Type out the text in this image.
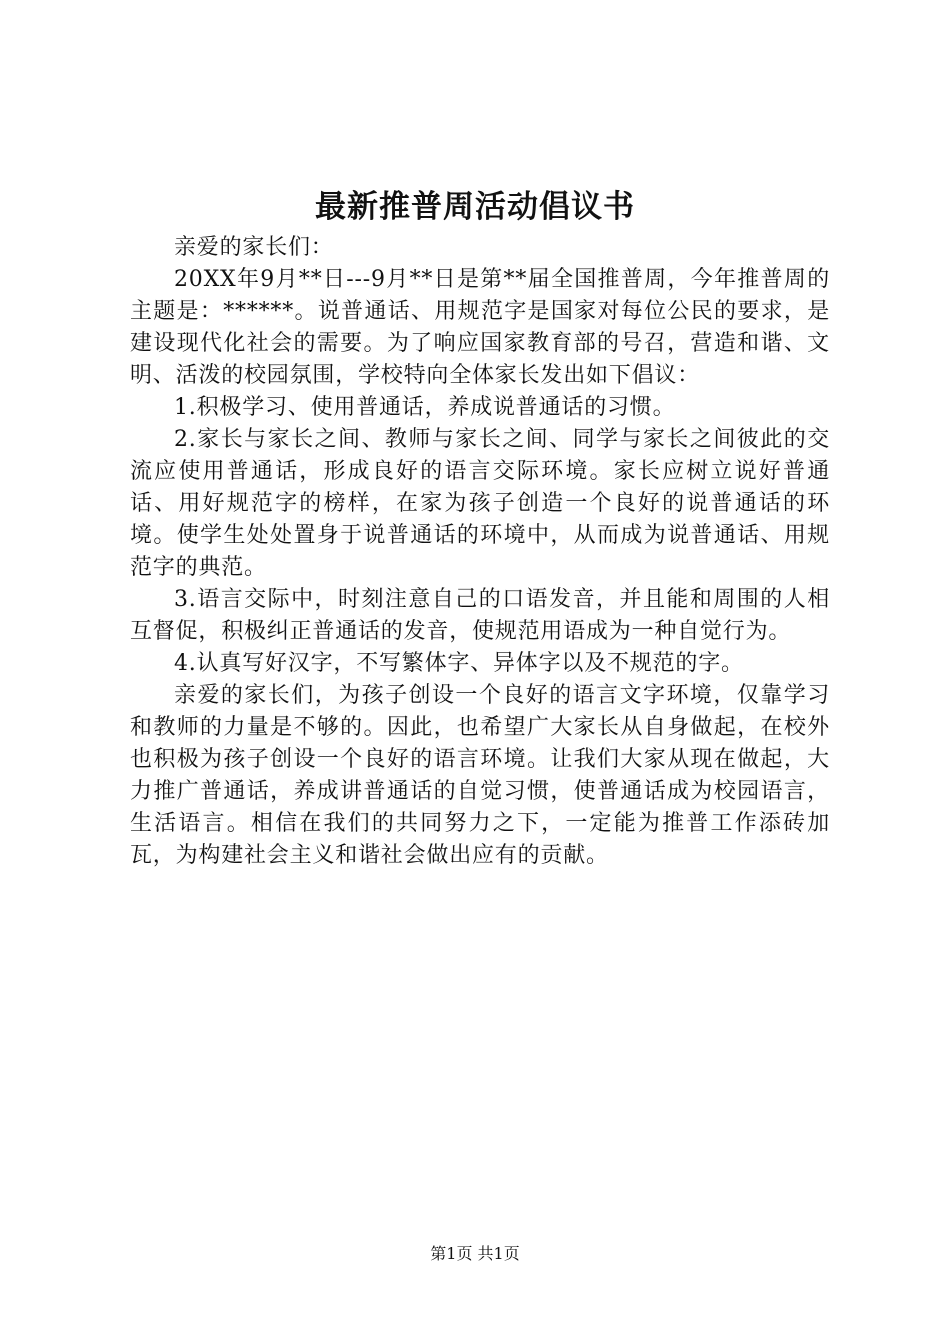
最新推普周活动倡议书

亲爱的家长们：

20XX年9月**日---9月**日是第**届全国推普周，今年推普周的主题是：******。说普通话、用规范字是国家对每位公民的要求，是建设现代化社会的需要。为了响应国家教育部的号召，营造和谐、文明、活泼的校园氛围，学校特向全体家长发出如下倡议：

1.积极学习、使用普通话，养成说普通话的习惯。

2.家长与家长之间、教师与家长之间、同学与家长之间彼此的交流应使用普通话，形成良好的语言交际环境。家长应树立说好普通话、用好规范字的榜样，在家为孩子创造一个良好的说普通话的环境。使学生处处置身于说普通话的环境中，从而成为说普通话、用规范字的典范。

3.语言交际中，时刻注意自己的口语发音，并且能和周围的人相互督促，积极纠正普通话的发音，使规范用语成为一种自觉行为。

4.认真写好汉字，不写繁体字、异体字以及不规范的字。

亲爱的家长们，为孩子创设一个良好的语言文字环境，仅靠学习和教师的力量是不够的。因此，也希望广大家长从自身做起，在校外也积极为孩子创设一个良好的语言环境。让我们大家从现在做起，大力推广普通话，养成讲普通话的自觉习惯，使普通话成为校园语言，生活语言。相信在我们的共同努力之下，一定能为推普工作添砖加瓦，为构建社会主义和谐社会做出应有的贡献。

第1页 共1页
